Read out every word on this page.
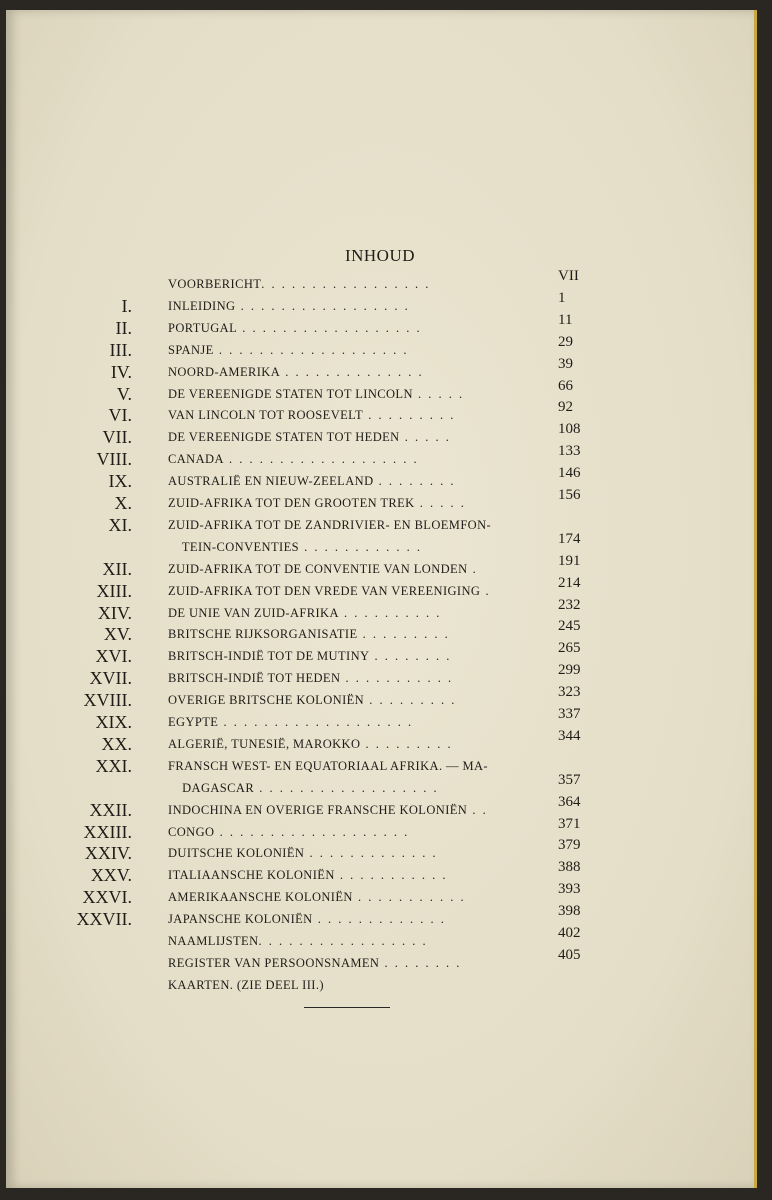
INHOUD
VOORBERICHT. . . . . . . . . . . . . . . . .	VII
I.	INLEIDING . . . . . . . . . . . . . . . . .	1
II.	PORTUGAL . . . . . . . . . . . . . . . . . .	11
III.	SPANJE . . . . . . . . . . . . . . . . . . .	29
IV.	NOORD-AMERIKA . . . . . . . . . . . . . .	39
V.	DE VEREENIGDE STATEN TOT LINCOLN . . . . .	66
VI.	VAN LINCOLN TOT ROOSEVELT . . . . . . . . .	92
VII.	DE VEREENIGDE STATEN TOT HEDEN . . . . .	108
VIII.	CANADA . . . . . . . . . . . . . . . . . . .	133
IX.	AUSTRALIË EN NIEUW-ZEELAND . . . . . . . .	146
X.	ZUID-AFRIKA TOT DEN GROOTEN TREK . . . . .	156
XI.	ZUID-AFRIKA TOT DE ZANDRIVIER- EN BLOEMFON-
TEIN-CONVENTIES . . . . . . . . . . . .	174
XII.	ZUID-AFRIKA TOT DE CONVENTIE VAN LONDEN .	191
XIII.	ZUID-AFRIKA TOT DEN VREDE VAN VEREENIGING .	214
XIV.	DE UNIE VAN ZUID-AFRIKA . . . . . . . . . .	232
XV.	BRITSCHE RIJKSORGANISATIE . . . . . . . . .	245
XVI.	BRITSCH-INDIË TOT DE MUTINY . . . . . . . .	265
XVII.	BRITSCH-INDIË TOT HEDEN . . . . . . . . . . .	299
XVIII.	OVERIGE BRITSCHE KOLONIËN . . . . . . . . .	323
XIX.	EGYPTE . . . . . . . . . . . . . . . . . . .	337
XX.	ALGERIË, TUNESIË, MAROKKO . . . . . . . . .	344
XXI.	FRANSCH WEST- EN EQUATORIAAL AFRIKA. — MA-
DAGASCAR . . . . . . . . . . . . . . . . . .	357
XXII.	INDOCHINA EN OVERIGE FRANSCHE KOLONIËN . .	364
XXIII.	CONGO . . . . . . . . . . . . . . . . . . .	371
XXIV.	DUITSCHE KOLONIËN . . . . . . . . . . . . .	379
XXV.	ITALIAANSCHE KOLONIËN . . . . . . . . . . .	388
XXVI.	AMERIKAANSCHE KOLONIËN . . . . . . . . . . .	393
XXVII.	JAPANSCHE KOLONIËN . . . . . . . . . . . . .	398
NAAMLIJSTEN. . . . . . . . . . . . . . . . .	402
REGISTER VAN PERSOONSNAMEN . . . . . . . .	405
KAARTEN. (ZIE DEEL III.)
